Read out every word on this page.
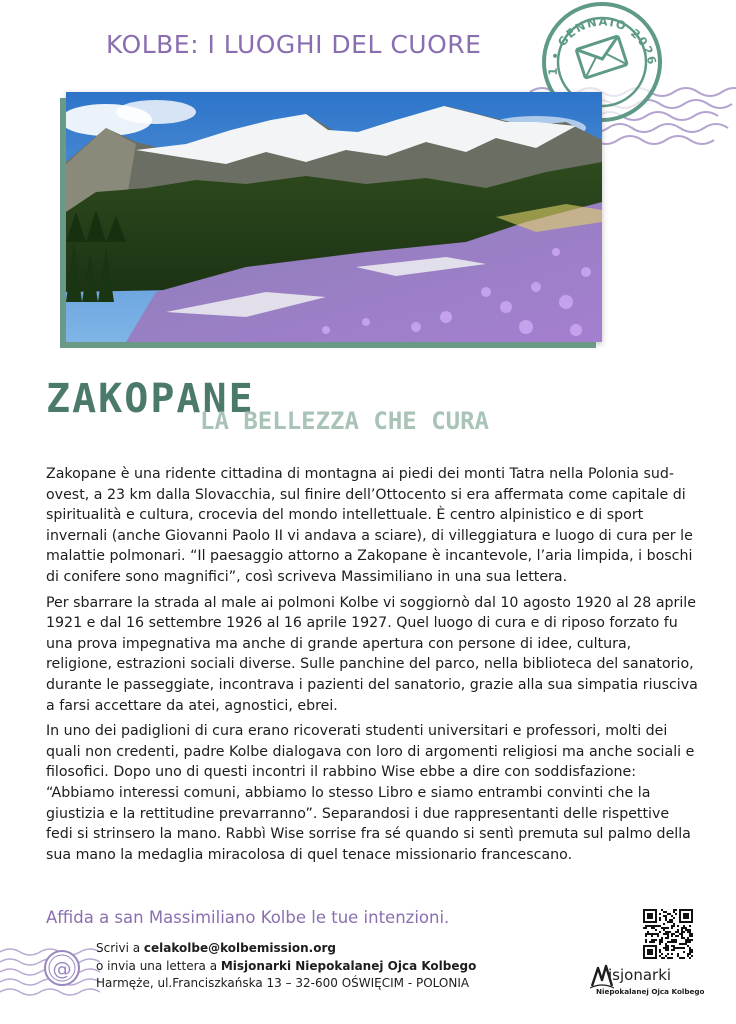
KOLBE: I LUOGHI DEL CUORE
1 • GENNAIO 2026
ZAKOPANE
LA BELLEZZA CHE CURA

Zakopane è una ridente cittadina di montagna ai piedi dei monti Tatra nella Polonia sud-ovest, a 23 km dalla Slovacchia, sul finire dell’Ottocento si era affermata come capitale di spiritualità e cultura, crocevia del mondo intellettuale. È centro alpinistico e di sport invernali (anche Giovanni Paolo II vi andava a sciare), di villeggiatura e luogo di cura per le malattie polmonari. “Il paesaggio attorno a Zakopane è incantevole, l’aria limpida, i boschi di conifere sono magnifici”, così scriveva Massimiliano in una sua lettera.

Per sbarrare la strada al male ai polmoni Kolbe vi soggiornò dal 10 agosto 1920 al 28 aprile 1921 e dal 16 settembre 1926 al 16 aprile 1927. Quel luogo di cura e di riposo forzato fu una prova impegnativa ma anche di grande apertura con persone di idee, cultura, religione, estrazioni sociali diverse. Sulle panchine del parco, nella biblioteca del sanatorio, durante le passeggiate, incontrava i pazienti del sanatorio, grazie alla sua simpatia riusciva a farsi accettare da atei, agnostici, ebrei.

In uno dei padiglioni di cura erano ricoverati studenti universitari e professori, molti dei quali non credenti, padre Kolbe dialogava con loro di argomenti religiosi ma anche sociali e filosofici. Dopo uno di questi incontri il rabbino Wise ebbe a dire con soddisfazione: “Abbiamo interessi comuni, abbiamo lo stesso Libro e siamo entrambi convinti che la giustizia e la rettitudine prevarranno”. Separandosi i due rappresentanti delle rispettive fedi si strinsero la mano. Rabbì Wise sorrise fra sé quando si sentì premuta sul palmo della sua mano la medaglia miracolosa di quel tenace missionario francescano.

Affida a san Massimiliano Kolbe le tue intenzioni.
@
Scrivi a celakolbe@kolbemission.org
o invia una lettera a Misjonarki Niepokalanej Ojca Kolbego
Harmęże, ul.Franciszkańska 13 – 32-600 OŚWIĘCIM - POLONIA	isjonarki
Niepokalanej Ojca Kolbego
